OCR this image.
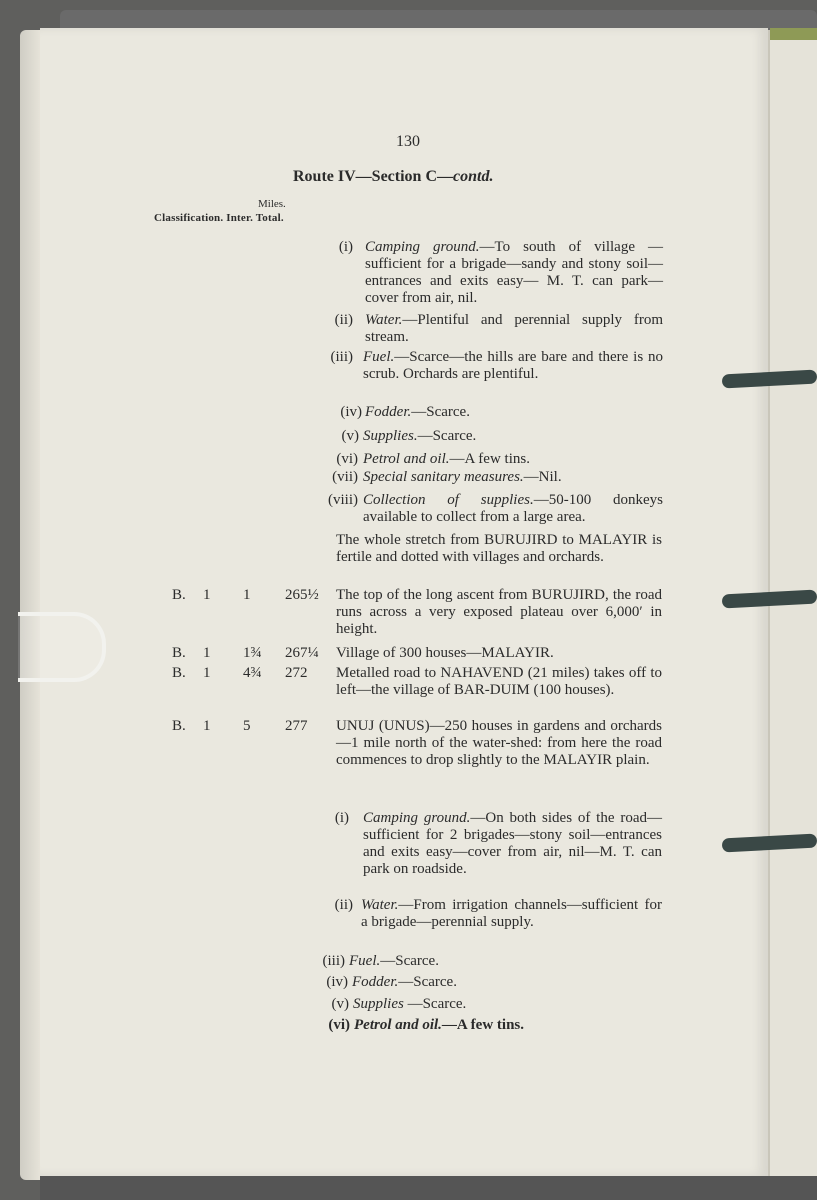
130
Route IV—Section C—contd.
Miles.
Classification. Inter. Total.
(i) Camping ground.—To south of village —sufficient for a brigade—sandy and stony soil—entrances and exits easy— M. T. can park—cover from air, nil.
(ii) Water.—Plentiful and perennial supply from stream.
(iii) Fuel.—Scarce—the hills are bare and there is no scrub. Orchards are plentiful.
(iv) Fodder.—Scarce.
(v) Supplies.—Scarce.
(vi) Petrol and oil.—A few tins.
(vii) Special sanitary measures.—Nil.
(viii) Collection of supplies.—50-100 donkeys available to collect from a large area.
The whole stretch from BURUJIRD to MALAYIR is fertile and dotted with villages and orchards.
B. 1 1 265½ The top of the long ascent from BURUJIRD, the road runs across a very exposed plateau over 6,000′ in height.
B. 1 1¾ 267¼ Village of 300 houses—MALAYIR.
B. 1 4¾ 272 Metalled road to NAHAVEND (21 miles) takes off to left—the village of BAR-DUIM (100 houses).
B. 1 5 277 UNUJ (UNUS)—250 houses in gardens and orchards—1 mile north of the water-shed: from here the road commences to drop slightly to the MALAYIR plain.
(i) Camping ground.—On both sides of the road—sufficient for 2 brigades—stony soil—entrances and exits easy—cover from air, nil—M. T. can park on roadside.
(ii) Water.—From irrigation channels—sufficient for a brigade—perennial supply.
(iii) Fuel.—Scarce.
(iv) Fodder.—Scarce.
(v) Supplies —Scarce.
(vi) Petrol and oil.—A few tins.
